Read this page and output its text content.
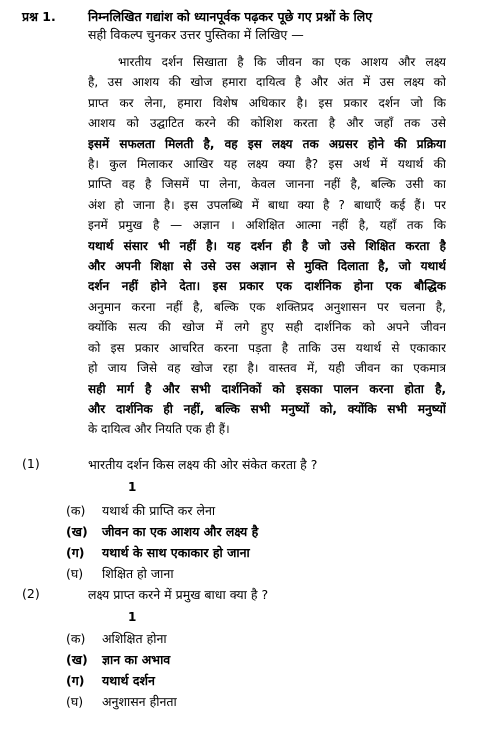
प्रश्न 1.	निम्नलिखित गद्यांश को ध्यानपूर्वक पढ़कर पूछे गए प्रश्नों के लिए
सही विकल्प चुनकर उत्तर पुस्तिका में लिखिए —
भारतीय दर्शन सिखाता है कि जीवन का एक आशय और लक्ष्य
है, उस आशय की खोज हमारा दायित्व है और अंत में उस लक्ष्य को
प्राप्त कर लेना, हमारा विशेष अधिकार है। इस प्रकार दर्शन जो कि
आशय को उद्घाटित करने की कोशिश करता है और जहाँ तक उसे
इसमें सफलता मिलती है, वह इस लक्ष्य तक अग्रसर होने की प्रक्रिया
है। कुल मिलाकर आखिर यह लक्ष्य क्या है? इस अर्थ में यथार्थ की
प्राप्ति वह है जिसमें पा लेना, केवल जानना नहीं है, बल्कि उसी का
अंश हो जाना है। इस उपलब्धि में बाधा क्या है ? बाधाएँ कई हैं। पर
इनमें प्रमुख है — अज्ञान । अशिक्षित आत्मा नहीं है, यहाँ तक कि
यथार्थ संसार भी नहीं है। यह दर्शन ही है जो उसे शिक्षित करता है
और अपनी शिक्षा से उसे उस अज्ञान से मुक्ति दिलाता है, जो यथार्थ
दर्शन नहीं होने देता। इस प्रकार एक दार्शनिक होना एक बौद्धिक
अनुमान करना नहीं है, बल्कि एक शक्तिप्रद अनुशासन पर चलना है,
क्योंकि सत्य की खोज में लगे हुए सही दार्शनिक को अपने जीवन
को इस प्रकार आचरित करना पड़ता है ताकि उस यथार्थ से एकाकार
हो जाय जिसे वह खोज रहा है। वास्तव में, यही जीवन का एकमात्र
सही मार्ग है और सभी दार्शनिकों को इसका पालन करना होता है,
और दार्शनिक ही नहीं, बल्कि सभी मनुष्यों को, क्योंकि सभी मनुष्यों
के दायित्व और नियति एक ही हैं।
(1)	भारतीय दर्शन किस लक्ष्य की ओर संकेत करता है ?
1
(क) यथार्थ की प्राप्ति कर लेना
(ख) जीवन का एक आशय और लक्ष्य है
(ग) यथार्थ के साथ एकाकार हो जाना
(घ) शिक्षित हो जाना
(2)	लक्ष्य प्राप्त करने में प्रमुख बाधा क्या है ?
1
(क) अशिक्षित होना
(ख) ज्ञान का अभाव
(ग) यथार्थ दर्शन
(घ) अनुशासन हीनता
